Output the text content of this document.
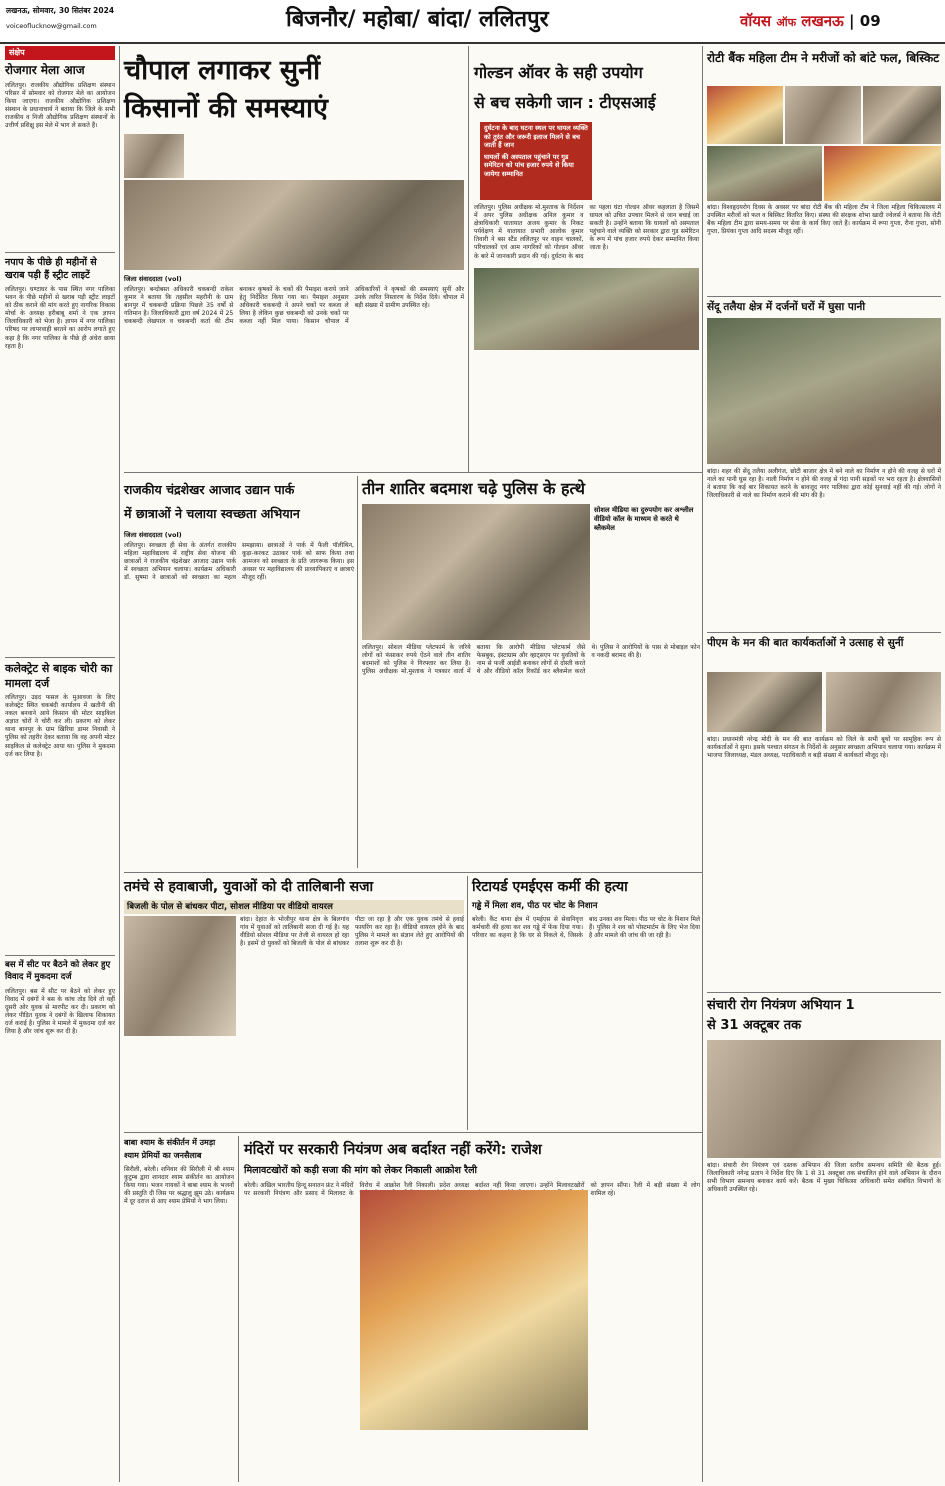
लखनऊ, सोमवार, 30 सितंबर 2024
voiceoflucknow@gmail.com	बिजनौर/ महोबा/ बांदा/ ललितपुर	वॉयस ऑफ लखनऊ | 09
संक्षेप
रोजगार मेला आज
ललितपुर। राजकीय औद्योगिक प्रशिक्षण संस्थान परिसर में सोमवार को रोजगार मेले का आयोजन किया जाएगा। राजकीय औद्योगिक प्रशिक्षण संस्थान के प्रधानाचार्य ने बताया कि जिले के सभी राजकीय व निजी औद्योगिक प्रशिक्षण संस्थानों के उत्तीर्ण प्रशिक्षु इस मेले में भाग ले सकते हैं।
नपाप के पीछे ही महीनों से खराब पड़ी हैं स्ट्रीट लाइटें
ललितपुर। घण्टाघर के पास स्थित नगर पालिका भवन के पीछे महीनों से खराब पड़ी स्ट्रीट लाइटों को ठीक कराने की मांग करते हुए नागरिक विकास मोर्चा के अध्यक्ष हरीबाबू शर्मा ने एक ज्ञापन जिलाधिकारी को भेजा है। ज्ञापन में नगर पालिका परिषद पर लापरवाही बरतने का आरोप लगाते हुए कहा है कि नगर पालिका के पीछे ही अंधेरा छाया रहता है।
कलेक्ट्रेट से बाइक चोरी का मामला दर्ज
ललितपुर। उड़द फसल के मुआवजा के लिए कलेक्ट्रेट स्थित चकबंदी कार्यालय में खतौनी की नकल बनवाने आये किसान की मोटर साइकिल अज्ञात चोरों ने चोरी कर ली। प्रकरण को लेकर थाना बानपुर के ग्राम खिरिया डामर निवासी ने पुलिस को तहरीर देकर बताया कि वह अपनी मोटर साइकिल से कलेक्ट्रेट आया था। पुलिस ने मुकदमा दर्ज कर लिया है।
बस में सीट पर बैठने को लेकर हुए विवाद में मुकदमा दर्ज
ललितपुर। बस में सीट पर बैठने को लेकर हुए विवाद में दबंगों ने बस के कांच तोड़ दिये तो वहीं दूसरी ओर युवक से मारपीट कर दी। प्रकरण को लेकर पीड़ित युवक ने दबंगों के खिलाफ शिकायत दर्ज कराई है। पुलिस ने मामले में मुकदमा दर्ज कर लिया है और जांच शुरू कर दी है।
चौपाल लगाकर सुनीं
किसानों की समस्याएं
जिला संवाददाता (vol)
ललितपुर। बन्दोबस्त अधिकारी चकबन्दी राकेश कुमार ने बताया कि तहसील महरौनी के ग्राम बानपुर में चकबन्दी प्रक्रिया पिछले 35 वर्षों से गतिमान है। जिलाधिकारी द्वारा वर्ष 2024 में 25 चकबन्दी लेखपाल व चकबन्दी कर्ता की टीम बनाकर कृषकों के चकों की पैमाइश कराये जाने हेतु निर्देशित किया गया था। पैमाइश अनुसार अधिकारी चकबन्दी ने अपने चकों पर कब्जा ले लिया है लेकिन कुछ चकबन्दी को उनके चकों पर कब्जा नहीं मिल पाया। किसान चौपाल में अधिकारियों ने कृषकों की समस्याएं सुनीं और उनके त्वरित निस्तारण के निर्देश दिये। चौपाल में बड़ी संख्या में ग्रामीण उपस्थित रहे।
गोल्डन ऑवर के सही उपयोग
से बच सकेगी जान : टीएसआई
दुर्घटना के बाद घटना स्थल पर घायल व्यक्ति को तुरंत और जरूरी इलाज मिलने से बच जाती हैं जान
घायलों की अस्पताल पहुंचाने पर गुड समेरिटन को पांच हजार रुपये से किया जायेगा सम्मानित
ललितपुर। पुलिस अधीक्षक मो.मुश्ताक के निर्देशन में अपर पुलिस अधीक्षक अनिल कुमार व क्षेत्राधिकारी यातायात अजय कुमार के निकट पर्यवेक्षण में यातायात प्रभारी आलोक कुमार तिवारी ने बस स्टैंड ललितपुर पर वाहन चालकों, परिचालकों एवं आम नागरिकों को गोल्डन ऑवर के बारे में जानकारी प्रदान की गई। दुर्घटना के बाद का पहला घंटा गोल्डन ऑवर कहलाता है जिसमें घायल को उचित उपचार मिलने से जान बचाई जा सकती है। उन्होंने बताया कि घायलों को अस्पताल पहुंचाने वाले व्यक्ति को सरकार द्वारा गुड समेरिटन के रूप में पांच हजार रुपये देकर सम्मानित किया जाता है।
रोटी बैंक महिला टीम ने मरीजों को बांटे फल, बिस्किट
बांदा। विश्वहृदयरोग दिवस के अवसर पर बांदा रोटी बैंक की महिला टीम ने जिला महिला चिकित्सालय में उपस्थित मरीजों को फल व बिस्किट वितरित किए। संस्था की संरक्षक शोभा खादी ज्वेलर्स ने बताया कि रोटी बैंक महिला टीम द्वारा समय-समय पर सेवा के कार्य किए जाते हैं। कार्यक्रम में रूपा गुप्ता, रीना गुप्ता, सोनी गुप्ता, प्रियंका गुप्ता आदि सदस्य मौजूद रहीं।
सेंदू तलैया क्षेत्र में दर्जनों घरों में घुसा पानी
बांदा। शहर की सेंदू तलैया अलीगंज, छोटी बाजार क्षेत्र में बने नाले का निर्माण न होने की वजह से घरों में नाले का पानी घुस रहा है। नाली निर्माण न होने की वजह से गंदा पानी सड़कों पर भरा रहता है। क्षेत्रवासियों ने बताया कि कई बार शिकायत करने के बावजूद नगर पालिका द्वारा कोई सुनवाई नहीं की गई। लोगों ने जिलाधिकारी से नाले का निर्माण कराने की मांग की है।
पीएम के मन की बात कार्यकर्ताओं ने उत्साह से सुनीं
बांदा। प्रधानमंत्री नरेन्द्र मोदी के मन की बात कार्यक्रम को जिले के सभी बूथों पर सामूहिक रूप से कार्यकर्ताओं ने सुना। इसके पश्चात संगठन के निर्देशों के अनुसार स्वच्छता अभियान चलाया गया। कार्यक्रम में भाजपा जिलाध्यक्ष, मंडल अध्यक्ष, पदाधिकारी व बड़ी संख्या में कार्यकर्ता मौजूद रहे।
संचारी रोग नियंत्रण अभियान 1
से 31 अक्टूबर तक
बांदा। संचारी रोग नियंत्रण एवं दस्तक अभियान की जिला स्तरीय समन्वय समिति की बैठक हुई। जिलाधिकारी नगेन्द्र प्रताप ने निर्देश दिए कि 1 से 31 अक्टूबर तक संचालित होने वाले अभियान के दौरान सभी विभाग समन्वय बनाकर कार्य करें। बैठक में मुख्य चिकित्सा अधिकारी समेत संबंधित विभागों के अधिकारी उपस्थित रहे।
राजकीय चंद्रशेखर आजाद उद्यान पार्क
में छात्राओं ने चलाया स्वच्छता अभियान
जिला संवाददाता (vol)
ललितपुर। स्वच्छता ही सेवा के अंतर्गत राजकीय महिला महाविद्यालय में राष्ट्रीय सेवा योजना की छात्राओं ने राजकीय चंद्रशेखर आजाद उद्यान पार्क में स्वच्छता अभियान चलाया। कार्यक्रम अधिकारी डॉ. सुषमा ने छात्राओं को स्वच्छता का महत्व समझाया। छात्राओं ने पार्क में फैली पॉलीथिन, कूड़ा-करकट उठाकर पार्क को साफ किया तथा आमजन को स्वच्छता के प्रति जागरूक किया। इस अवसर पर महाविद्यालय की प्राध्यापिकाएं व छात्राएं मौजूद रहीं।
तीन शातिर बदमाश चढ़े पुलिस के हत्थे
सोशल मीडिया का दुरुपयोग कर अश्लील वीडियो कॉल के माध्यम से करते थे ब्लैकमेल
ललितपुर। सोशल मीडिया प्लेटफार्म के जरिये लोगों को फंसाकर रुपये ऐंठने वाले तीन शातिर बदमाशों को पुलिस ने गिरफ्तार कर लिया है। पुलिस अधीक्षक मो.मुश्ताक ने पत्रकार वार्ता में बताया कि आरोपी मीडिया प्लेटफार्म जैसे फेसबुक, इंस्टाग्राम और व्हाट्सएप पर युवतियों के नाम से फर्जी आईडी बनाकर लोगों से दोस्ती करते थे और वीडियो कॉल रिकॉर्ड कर ब्लैकमेल करते थे। पुलिस ने आरोपियों के पास से मोबाइल फोन व नकदी बरामद की है।
तमंचे से हवाबाजी, युवाओं को दी तालिबानी सजा
बिजली के पोल से बांधकर पीटा, सोशल मीडिया पर वीडियो वायरल
बांदा। देहात के भोजीपुर थाना क्षेत्र के बिलगांव गांव में युवाओं को तालिबानी सजा दी गई है। यह वीडियो सोशल मीडिया पर तेजी से वायरल हो रहा है। इसमें दो युवकों को बिजली के पोल से बांधकर पीटा जा रहा है और एक युवक तमंचे से हवाई फायरिंग कर रहा है। वीडियो वायरल होने के बाद पुलिस ने मामले का संज्ञान लेते हुए आरोपियों की तलाश शुरू कर दी है।
रिटायर्ड एमईएस कर्मी की हत्या
गड्ढे में मिला शव, पीठ पर चोट के निशान
बरेली। कैंट थाना क्षेत्र में एमईएस से सेवानिवृत्त कर्मचारी की हत्या कर शव गड्ढे में फेंक दिया गया। परिवार का कहना है कि घर से निकले थे, जिसके बाद उनका शव मिला। पीठ पर चोट के निशान मिले हैं। पुलिस ने शव को पोस्टमार्टम के लिए भेज दिया है और मामले की जांच की जा रही है।
बाबा श्याम के संकीर्तन में उमड़ा
श्याम प्रेमियों का जनसैलाब
सिरौली, बरेली। शनिवार की सिरौली में श्री श्याम कुटुम्ब द्वारा शानदार श्याम संकीर्तन का आयोजन किया गया। भजन गायकों ने बाबा श्याम के भजनों की प्रस्तुति दी जिस पर श्रद्धालु झूम उठे। कार्यक्रम में दूर दराज से आए श्याम प्रेमियों ने भाग लिया।
मंदिरों पर सरकारी नियंत्रण अब बर्दाश्त नहीं करेंगे: राजेश
मिलावटखोरों को कड़ी सजा की मांग को लेकर निकाली आक्रोश रैली
बरेली। अखिल भारतीय हिन्दू सनातन फ्रंट ने मंदिरों पर सरकारी नियंत्रण और प्रसाद में मिलावट के विरोध में आक्रोश रैली निकाली। प्रदेश अध्यक्ष          बर्दाश्त नहीं किया जाएगा। उन्होंने मिलावटखोरों          को ज्ञापन सौंपा। रैली में बड़ी संख्या में लोग शामिल रहे।
